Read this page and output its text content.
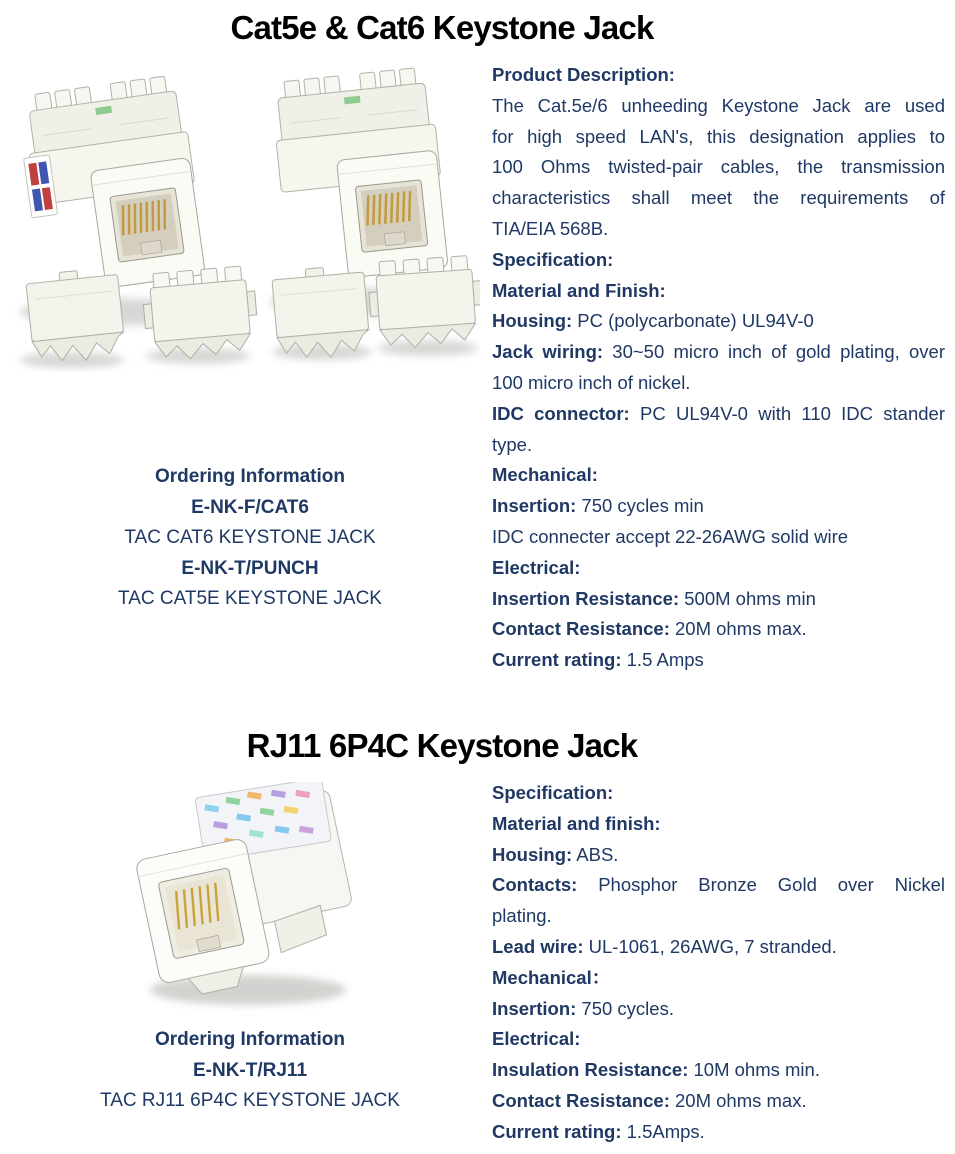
Cat5e & Cat6 Keystone Jack

Product Description:

The Cat.5e/6 unheeding Keystone Jack are used

for high speed LAN's, this designation applies to

100 Ohms twisted-pair cables, the transmission

characteristics shall meet the requirements of

TIA/EIA 568B.

Specification:

Material and Finish:

Housing: PC (polycarbonate) UL94V-0

Jack wiring: 30~50 micro inch of gold plating, over

100 micro inch of nickel.

IDC connector: PC UL94V-0 with 110 IDC stander

type.

Mechanical:

Insertion: 750 cycles min

IDC connecter accept 22-26AWG solid wire

Electrical:

Insertion Resistance: 500M ohms min

Contact Resistance: 20M ohms max.

Current rating: 1.5 Amps

Ordering Information

E-NK-F/CAT6

TAC CAT6 KEYSTONE JACK

E-NK-T/PUNCH

TAC CAT5E KEYSTONE JACK

RJ11 6P4C Keystone Jack

Specification:

Material and finish:

Housing: ABS.

Contacts: Phosphor Bronze Gold over Nickel

plating.

Lead wire: UL-1061, 26AWG, 7 stranded.

Mechanical：

Insertion: 750 cycles.

Electrical:

Insulation Resistance: 10M ohms min.

Contact Resistance: 20M ohms max.

Current rating: 1.5Amps.

Ordering Information

E-NK-T/RJ11

TAC RJ11 6P4C KEYSTONE JACK
